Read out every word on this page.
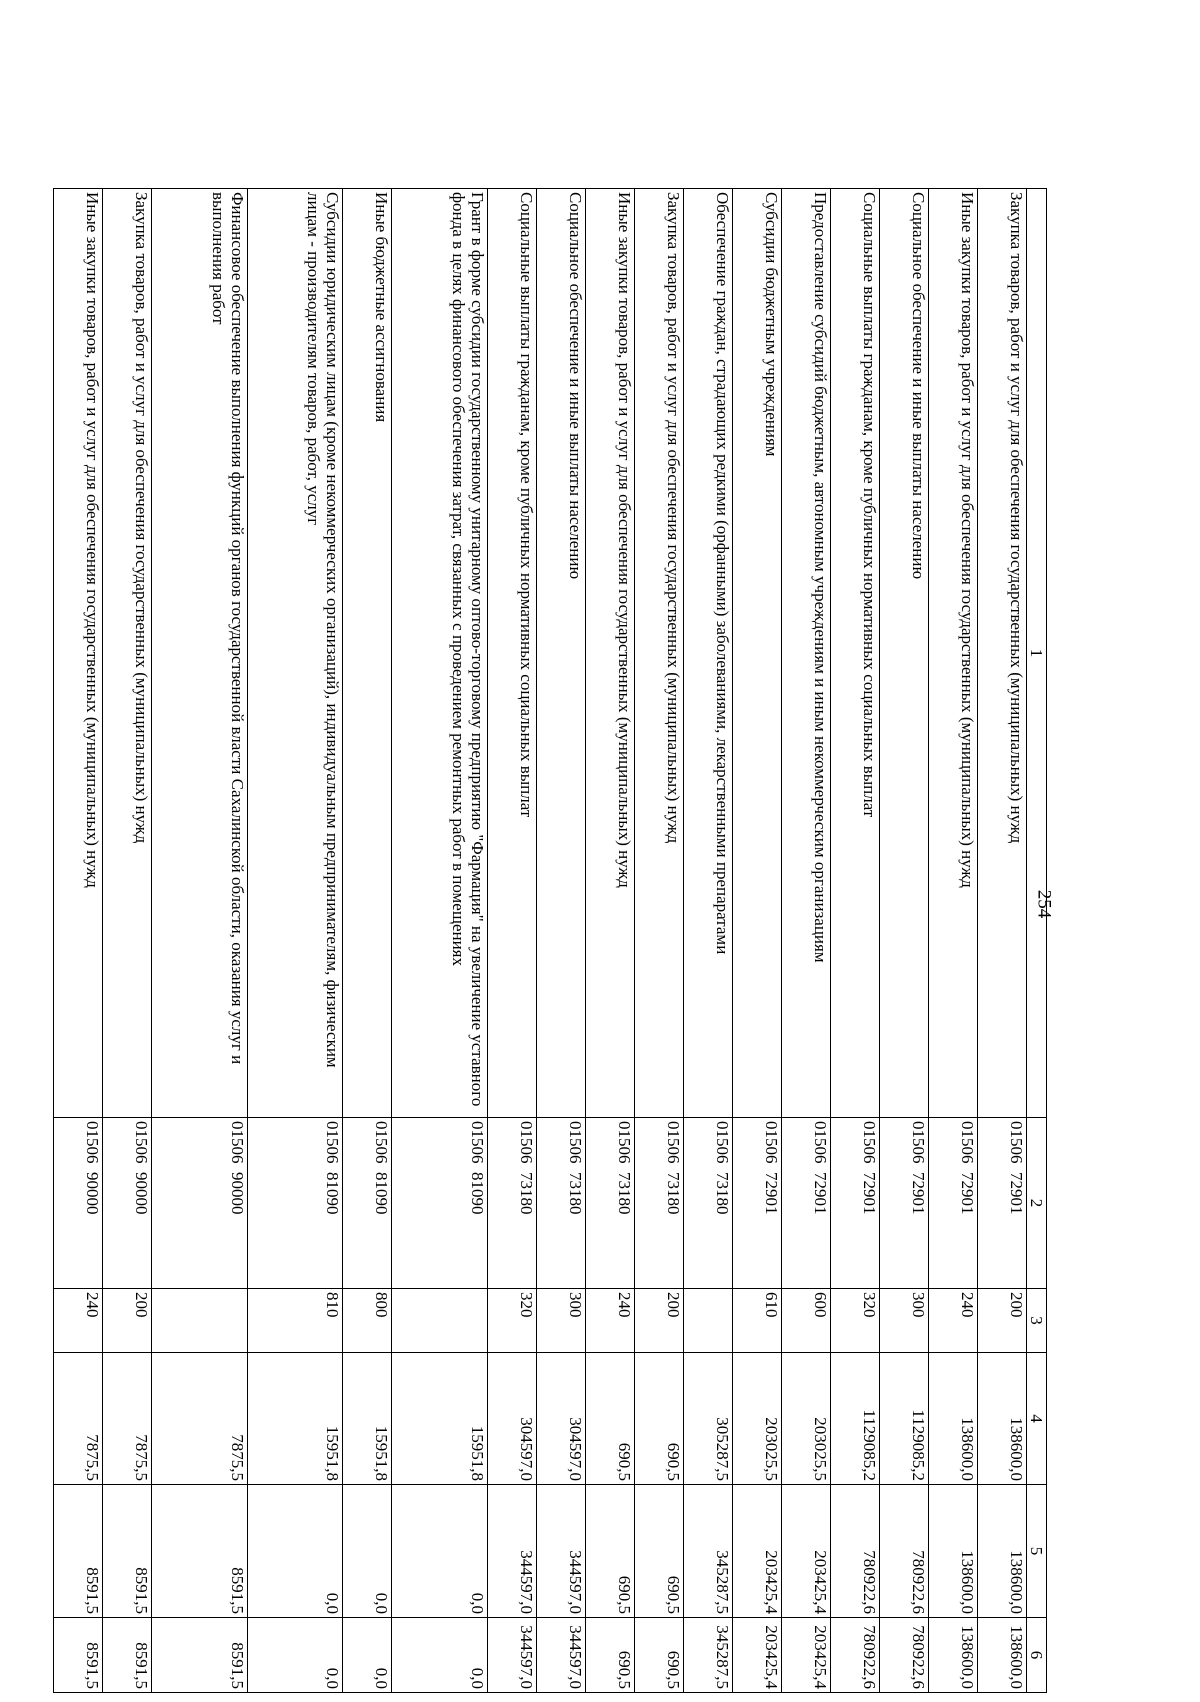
254
1	2	3	4	5	6
Закупка товаров, работ и услуг для обеспечения государственных (муниципальных) нужд	01506  72901	200	138600,0	138600,0	138600,0
Иные закупки товаров, работ и услуг для обеспечения государственных (муниципальных) нужд	01506  72901	240	138600,0	138600,0	138600,0
Социальное обеспечение и иные выплаты населению	01506  72901	300	1129085,2	780922,6	780922,6
Социальные выплаты гражданам, кроме публичных нормативных социальных выплат	01506  72901	320	1129085,2	780922,6	780922,6
Предоставление субсидий бюджетным, автономным учреждениям и иным некоммерческим организациям	01506  72901	600	203025,5	203425,4	203425,4
Субсидии бюджетным учреждениям	01506  72901	610	203025,5	203425,4	203425,4
Обеспечение граждан, страдающих редкими (орфанными) заболеваниями, лекарственными препаратами	01506  73180		305287,5	345287,5	345287,5
Закупка товаров, работ и услуг для обеспечения государственных (муниципальных) нужд	01506  73180	200	690,5	690,5	690,5
Иные закупки товаров, работ и услуг для обеспечения государственных (муниципальных) нужд	01506  73180	240	690,5	690,5	690,5
Социальное обеспечение и иные выплаты населению	01506  73180	300	304597,0	344597,0	344597,0
Социальные выплаты гражданам, кроме публичных нормативных социальных выплат	01506  73180	320	304597,0	344597,0	344597,0
Грант в форме субсидии государственному унитарному оптово-торговому предприятию "Фармация" на увеличение уставного фонда в целях финансового обеспечения затрат, связанных с проведением ремонтных работ в помещениях	01506  81090		15951,8	0,0	0,0
Иные бюджетные ассигнования	01506  81090	800	15951,8	0,0	0,0
Субсидии юридическим лицам (кроме некоммерческих организаций), индивидуальным предпринимателям, физическим лицам - производителям товаров, работ, услуг	01506  81090	810	15951,8	0,0	0,0
Финансовое обеспечение выполнения функций органов государственной власти Сахалинской области, оказания услуг и выполнения работ	01506  90000		7875,5	8591,5	8591,5
Закупка товаров, работ и услуг для обеспечения государственных (муниципальных) нужд	01506  90000	200	7875,5	8591,5	8591,5
Иные закупки товаров, работ и услуг для обеспечения государственных (муниципальных) нужд	01506  90000	240	7875,5	8591,5	8591,5
